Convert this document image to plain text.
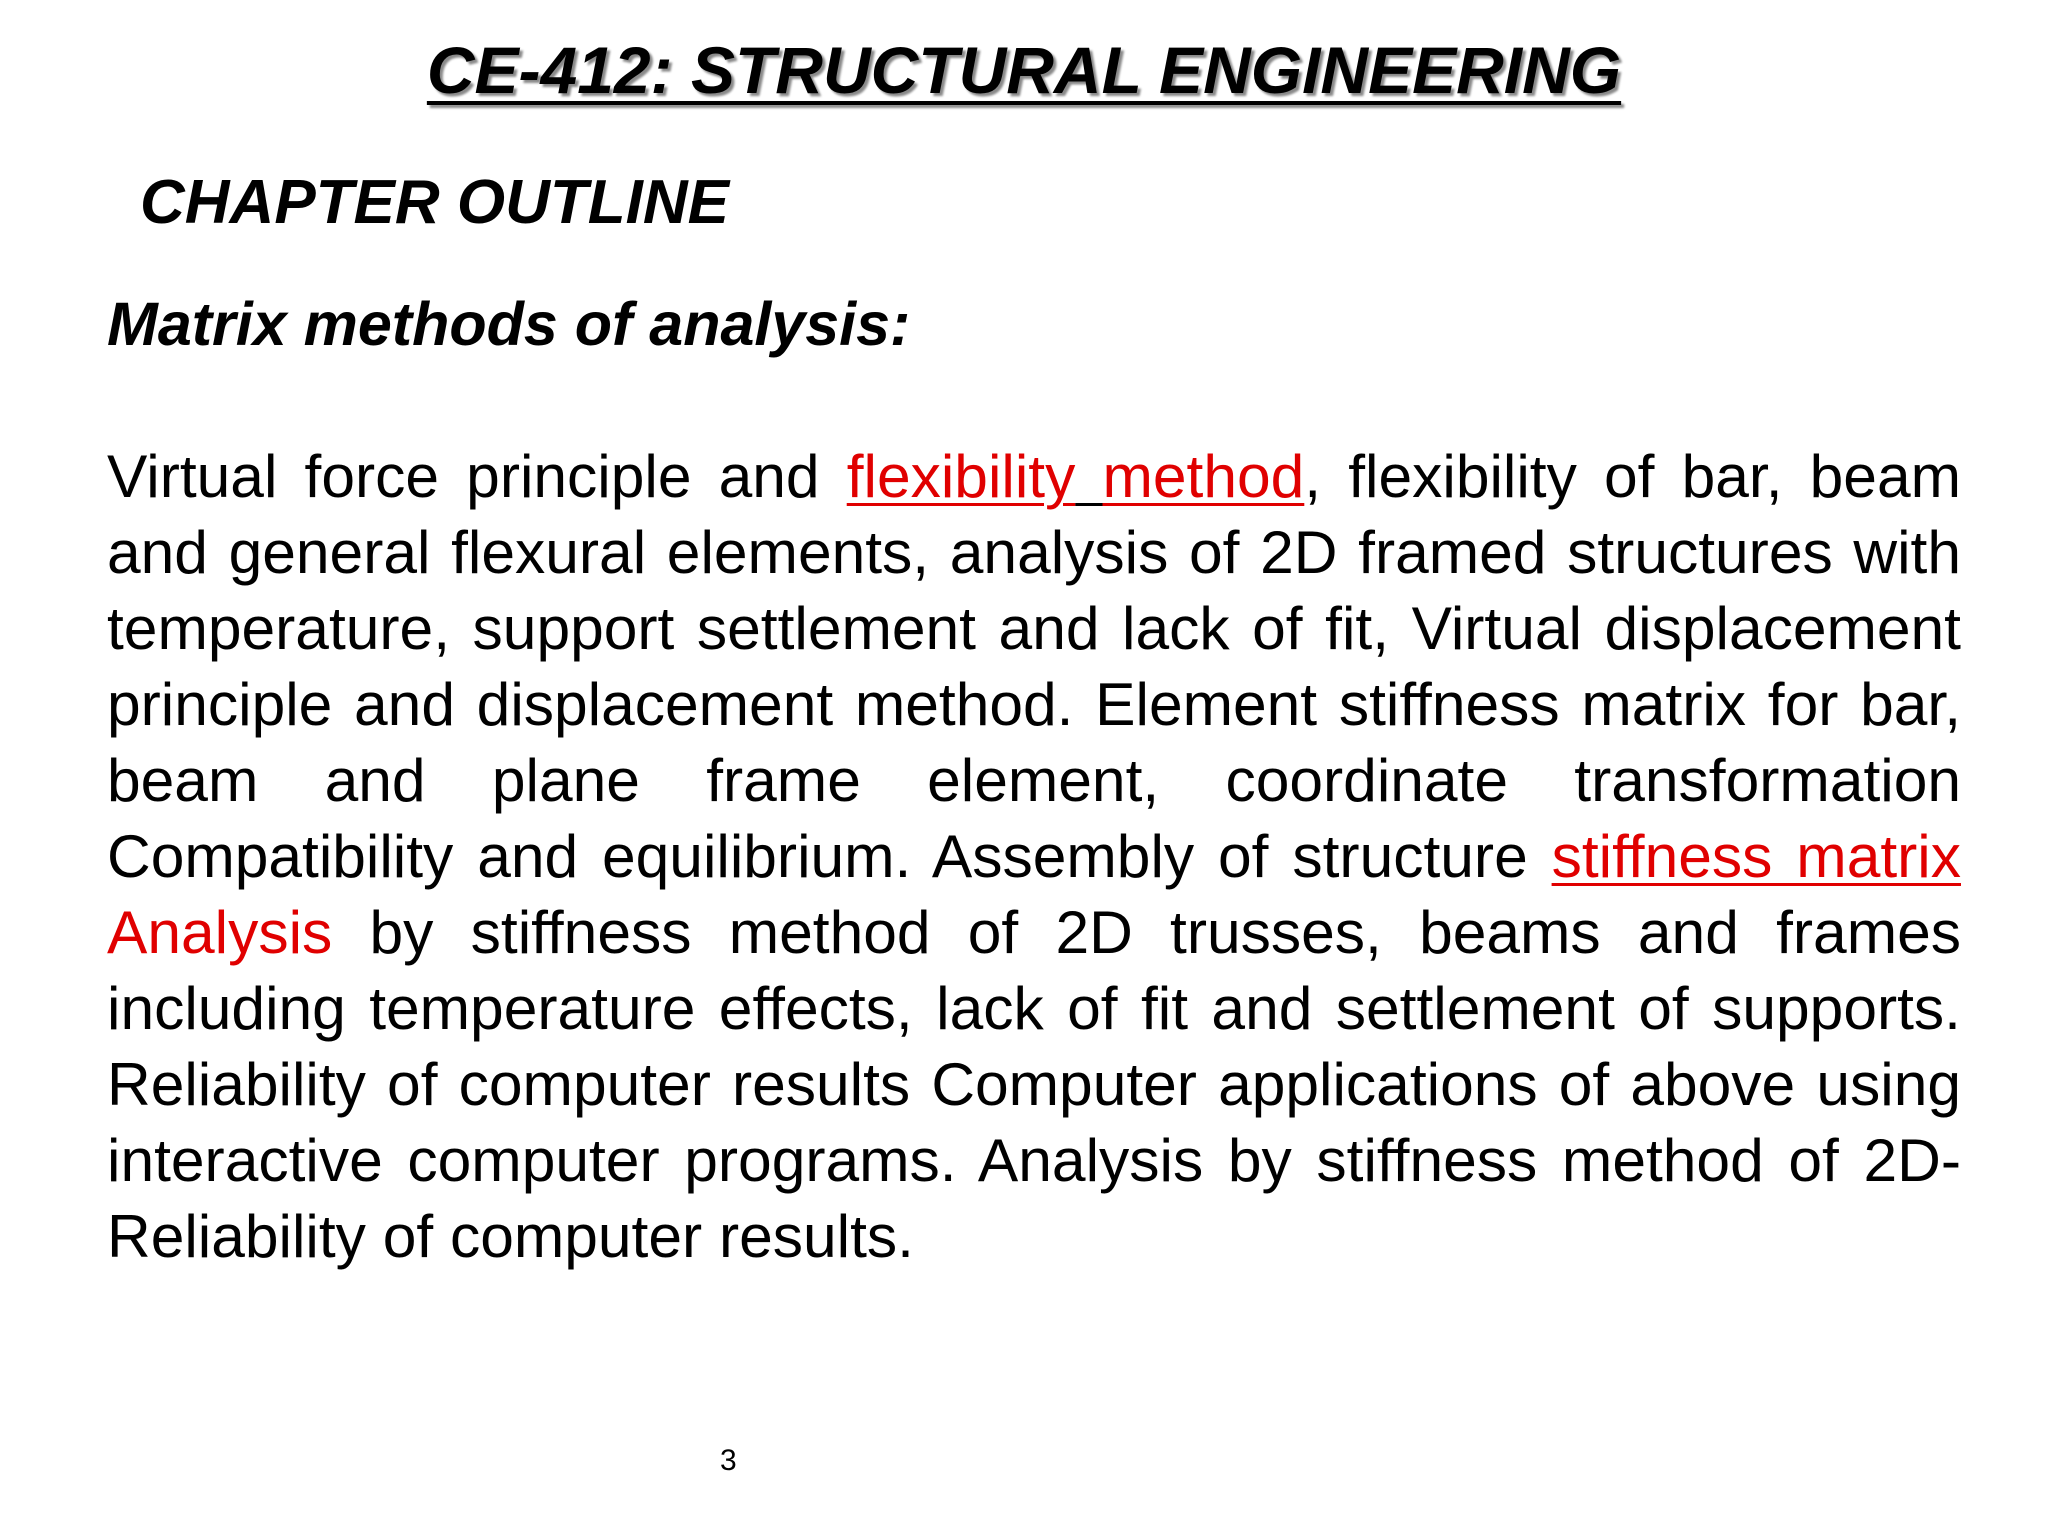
CE-412: STRUCTURAL ENGINEERING
CHAPTER OUTLINE
Matrix methods of analysis:

Virtual force principle and flexibility method, flexibility of bar, beam and general flexural elements, analysis of 2D framed structures with temperature, support settlement and lack of fit, Virtual displacement principle and displacement method. Element stiffness matrix for bar, beam and plane frame element, coordinate transformation Compatibility and equilibrium. Assembly of structure stiffness matrix Analysis by stiffness method of 2D trusses, beams and frames including temperature effects, lack of fit and settlement of supports. Reliability of computer results Computer applications of above using interactive computer programs. Analysis by stiffness method of 2D-Reliability of computer results.

3
